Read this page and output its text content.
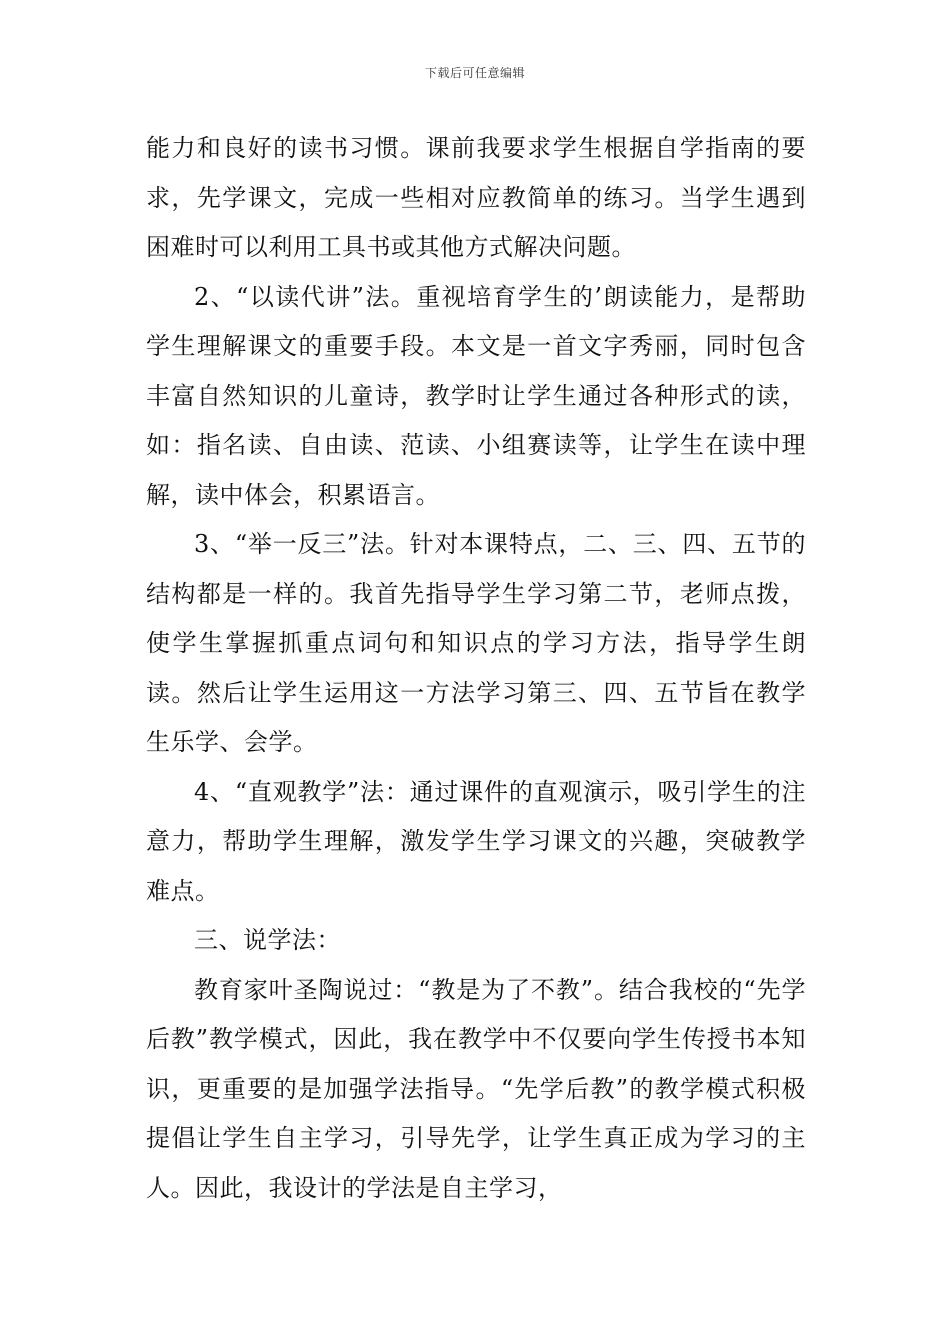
下载后可任意编辑

能力和良好的读书习惯。课前我要求学生根据自学指南的要求，先学课文，完成一些相对应教简单的练习。当学生遇到困难时可以利用工具书或其他方式解决问题。

2、“以读代讲”法。重视培育学生的’朗读能力，是帮助学生理解课文的重要手段。本文是一首文字秀丽，同时包含丰富自然知识的儿童诗，教学时让学生通过各种形式的读，如：指名读、自由读、范读、小组赛读等，让学生在读中理解，读中体会，积累语言。

3、“举一反三”法。针对本课特点，二、三、四、五节的结构都是一样的。我首先指导学生学习第二节，老师点拨，使学生掌握抓重点词句和知识点的学习方法，指导学生朗读。然后让学生运用这一方法学习第三、四、五节旨在教学生乐学、会学。

4、“直观教学”法：通过课件的直观演示，吸引学生的注意力，帮助学生理解，激发学生学习课文的兴趣，突破教学难点。

三、说学法：

教育家叶圣陶说过：“教是为了不教”。结合我校的“先学后教”教学模式，因此，我在教学中不仅要向学生传授书本知识，更重要的是加强学法指导。“先学后教”的教学模式积极提倡让学生自主学习，引导先学，让学生真正成为学习的主人。因此，我设计的学法是自主学习，
